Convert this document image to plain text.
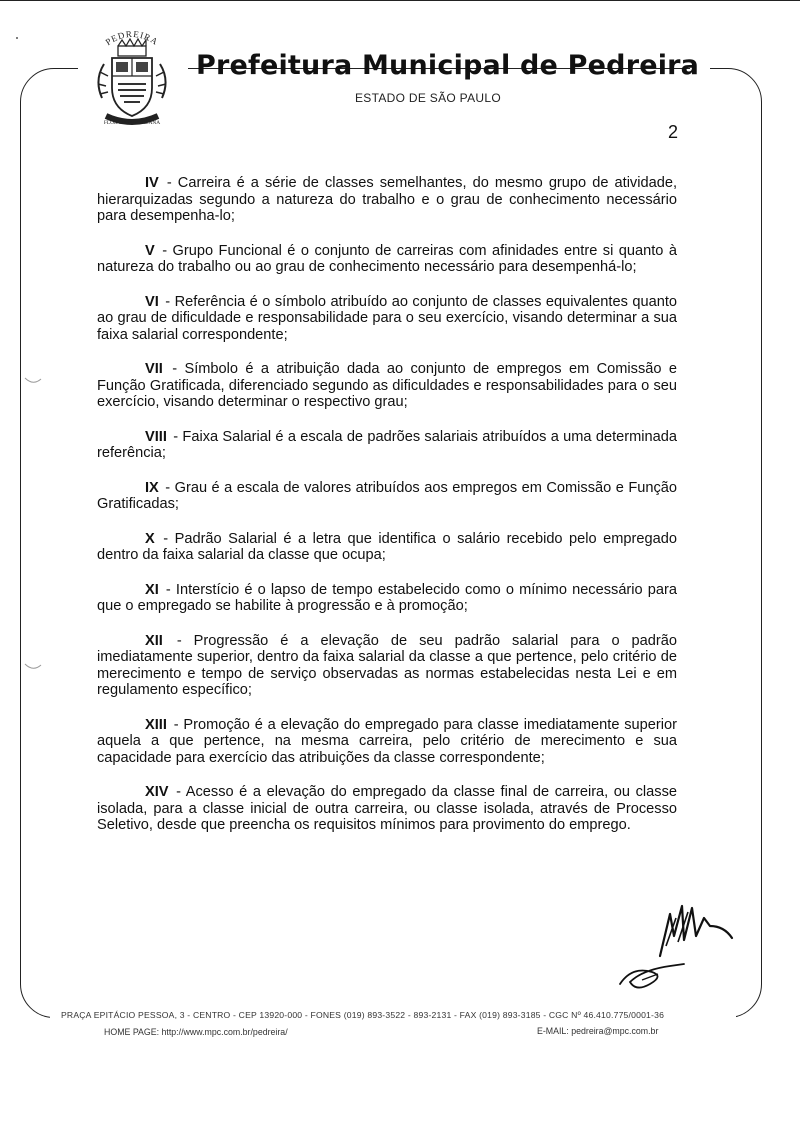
PEDREIRA
FLOR DA PORCELANA
Prefeitura Municipal de Pedreira
ESTADO DE SÃO PAULO
2

IV - Carreira é a série de classes semelhantes, do mesmo grupo de atividade, hierarquizadas segundo a natureza do trabalho e o grau de conhecimento necessário para desempenha-lo;

V - Grupo Funcional é o conjunto de carreiras com afinidades entre si quanto à natureza do trabalho ou ao grau de conhecimento necessário para desempenhá-lo;

VI - Referência é o símbolo atribuído ao conjunto de classes equivalentes quanto ao grau de dificuldade e responsabilidade para o seu exercício, visando determinar a sua faixa salarial correspondente;

VII - Símbolo é a atribuição dada ao conjunto de empregos em Comissão e Função Gratificada, diferenciado segundo as dificuldades e responsabilidades para o seu exercício, visando determinar o respectivo grau;

VIII - Faixa Salarial é a escala de padrões salariais atribuídos a uma determinada referência;

IX - Grau é a escala de valores atribuídos aos empregos em Comissão e Função Gratificadas;

X - Padrão Salarial é a letra que identifica o salário recebido pelo empregado dentro da faixa salarial da classe que ocupa;

XI - Interstício é o lapso de tempo estabelecido como o mínimo necessário para que o empregado se habilite à progressão e à promoção;

XII - Progressão é a elevação de seu padrão salarial para o padrão imediatamente superior, dentro da faixa salarial da classe a que pertence, pelo critério de merecimento e tempo de serviço observadas as normas estabelecidas nesta Lei e em regulamento específico;

XIII - Promoção é a elevação do empregado para classe imediatamente superior aquela a que pertence, na mesma carreira, pelo critério de merecimento e sua capacidade para exercício das atribuições da classe correspondente;

XIV - Acesso é a elevação do empregado da classe final de carreira, ou classe isolada, para a classe inicial de outra carreira, ou classe isolada, através de Processo Seletivo, desde que preencha os requisitos mínimos para provimento do emprego.

PRAÇA EPITÁCIO PESSOA, 3 - CENTRO - CEP 13920-000 - FONES (019) 893-3522 - 893-2131 - FAX (019) 893-3185 - CGC Nº 46.410.775/0001-36
HOME PAGE: http://www.mpc.com.br/pedreira/	E-MAIL: pedreira@mpc.com.br
